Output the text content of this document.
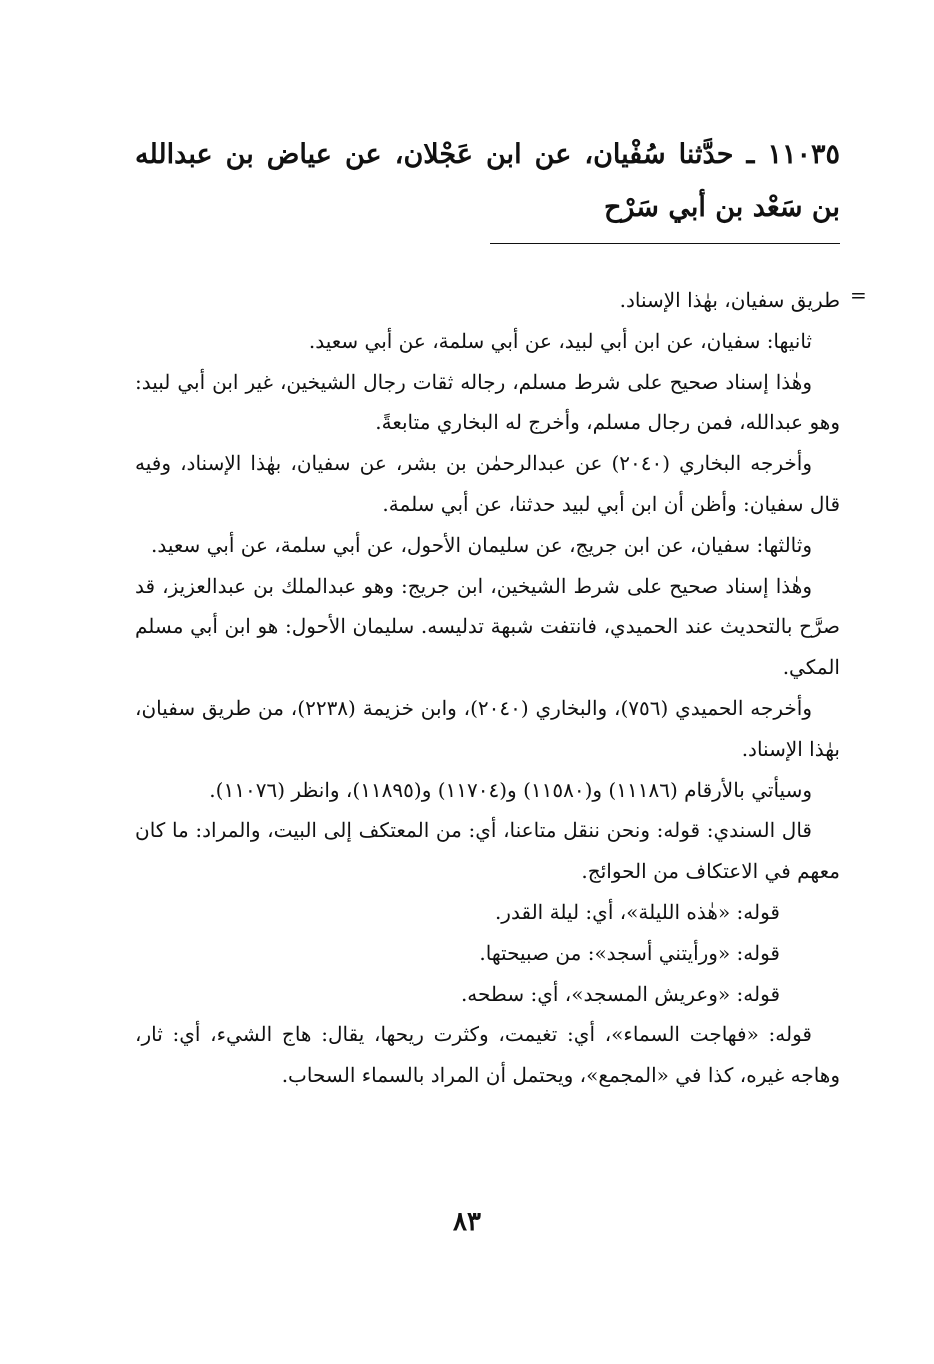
١١٠٣٥ ـ حدَّثنا سُفْيان، عن ابن عَجْلان، عن عياض بن عبدالله بن سَعْد بن أبي سَرْح
=

طريق سفيان، بهٰذا الإسناد.

ثانيها: سفيان، عن ابن أبي لبيد، عن أبي سلمة، عن أبي سعيد.

وهٰذا إسناد صحيح على شرط مسلم، رجاله ثقات رجال الشيخين، غير ابن أبي لبيد: وهو عبدالله، فمن رجال مسلم، وأخرج له البخاري متابعةً.

وأخرجه البخاري (٢٠٤٠) عن عبدالرحمٰن بن بشر، عن سفيان، بهٰذا الإسناد، وفيه قال سفيان: وأظن أن ابن أبي لبيد حدثنا، عن أبي سلمة.

وثالثها: سفيان، عن ابن جريج، عن سليمان الأحول، عن أبي سلمة، عن أبي سعيد.

وهٰذا إسناد صحيح على شرط الشيخين، ابن جريج: وهو عبدالملك بن عبدالعزيز، قد صرَّح بالتحديث عند الحميدي، فانتفت شبهة تدليسه. سليمان الأحول: هو ابن أبي مسلم المكي.

وأخرجه الحميدي (٧٥٦)، والبخاري (٢٠٤٠)، وابن خزيمة (٢٢٣٨)، من طريق سفيان، بهٰذا الإسناد.

وسيأتي بالأرقام (١١١٨٦) و(١١٥٨٠) و(١١٧٠٤) و(١١٨٩٥)، وانظر (١١٠٧٦).

قال السندي: قوله: ونحن ننقل متاعنا، أي: من المعتكف إلى البيت، والمراد: ما كان معهم في الاعتكاف من الحوائج.

قوله: «هٰذه الليلة»، أي: ليلة القدر.

قوله: «ورأيتني أسجد»: من صبيحتها.

قوله: «وعريش المسجد»، أي: سطحه.

قوله: «فهاجت السماء»، أي: تغيمت، وكثرت ريحها، يقال: هاج الشيء، أي: ثار، وهاجه غيره، كذا في «المجمع»، ويحتمل أن المراد بالسماء السحاب.

٨٣
